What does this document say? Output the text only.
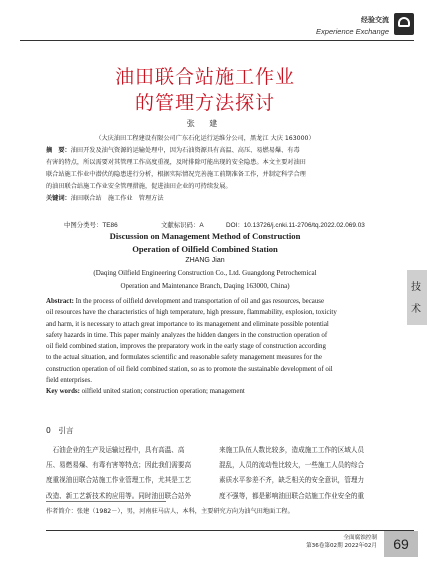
经验交流
Experience Exchange
油田联合站施工作业
的管理方法探讨
张 建
（大庆油田工程建设有限公司广东石化运行运维分公司，黑龙江 大庆 163000）
摘　要：油田开发及油气资源的运输处理中，因为石油资源具有高温、高压、易燃易爆、有毒
有害的特点，所以需要对其管理工作高度重视，及时排除可能出现的安全隐患。本文主要对油田
联合站施工作业中潜伏的隐患进行分析，根据实际情况完善施工前期准备工作，并制定科学合理
的油田联合站施工作业安全管理措施，促进油田企业的可持续发展。
关键词：油田联合站　施工作业　管理方法
中图分类号：TE86	文献标识码：A	DOI：10.13726/j.cnki.11-2706/tq.2022.02.069.03
Discussion on Management Method of Construction
Operation of Oilfield Combined Station
ZHANG Jian
(Daqing Oilfield Engineering Construction Co., Ltd. Guangdong Petrochemical
Operation and Maintenance Branch, Daqing 163000, China)
Abstract: In the process of oilfield development and transportation of oil and gas resources, because
oil resources have the characteristics of high temperature, high pressure, flammability, explosion, toxicity
and harm, it is necessary to attach great importance to its management and eliminate possible potential
safety hazards in time. This paper mainly analyzes the hidden dangers in the construction operation of
oil field combined station, improves the preparatory work in the early stage of construction according
to the actual situation, and formulates scientific and reasonable safety management measures for the
construction operation of oil field combined station, so as to promote the sustainable development of oil
field enterprises.
Key words: oilfield united station; construction operation; management
技
术
0　引言
　石油企业的生产及运输过程中，具有高温、高
压、易燃易爆、有毒有害等特点；因此我们需要高
度重视油田联合站施工作业管理工作，尤其是工艺
改造、新工艺新技术的应用等。同时油田联合站外
来施工队伍人数比较多，造成施工工作的区域人员
混乱，人员的流动性比较大，一些施工人员的综合
素质水平参差不齐，缺乏相关的安全意识，管理力
度不强等，都是影响油田联合站施工作业安全的重
作者简介：张建（1982－），男，河南驻马店人，本科，主要研究方向为油气田地面工程。
全面腐蚀控制
第36卷第02期 2022年02月	69
